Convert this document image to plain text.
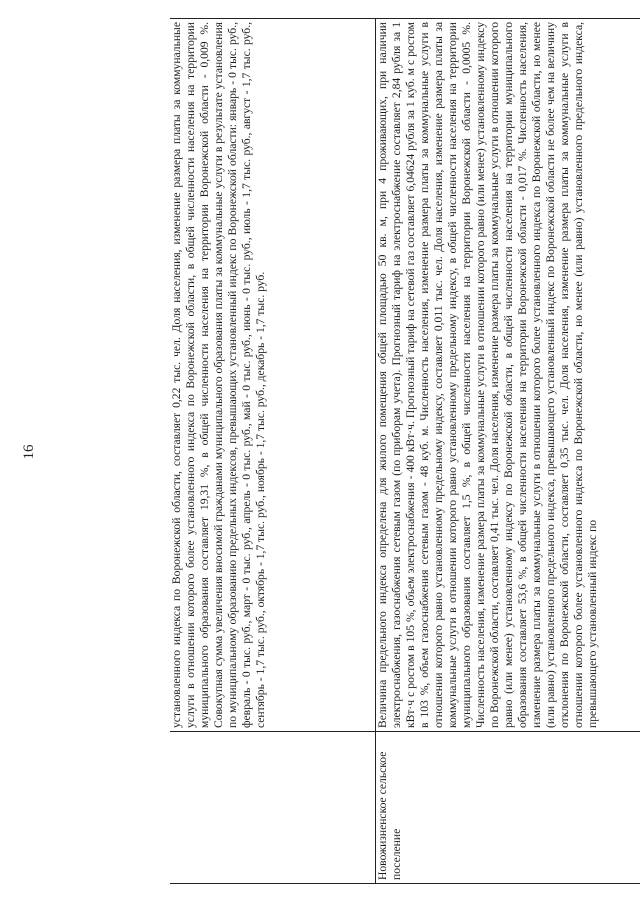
16
		установленного индекса по Воронежской области, составляет 0,22 тыс. чел. Доля населения, изменение размера платы за коммунальные услуги в отношении которого более установленного индекса по Воронежской области, в общей численности населения на территории муниципального образования составляет 19,31 %, в общей численности населения на территории Воронежской области - 0,009 %. Совокупная сумма увеличения вносимой гражданами муниципального образования платы за коммунальные услуги в результате установления по муниципальному образованию предельных индексов, превышающих установленный индекс по Воронежской области: январь - 0 тыс. руб., февраль - 0 тыс. руб., март - 0 тыс. руб., апрель - 0 тыс. руб., май - 0 тыс. руб., июнь - 0 тыс. руб., июль - 1,7 тыс. руб., август - 1,7 тыс. руб., сентябрь - 1,7 тыс. руб., октябрь - 1,7 тыс. руб., ноябрь - 1,7 тыс. руб., декабрь - 1,7 тыс. руб.
Новожизненское сельское поселение	Величина предельного индекса определена для жилого помещения общей площадью 50 кв. м, при 4 проживающих, при наличии электроснабжения, газоснабжения сетевым газом (по приборам учета). Прогнозный тариф на электроснабжение составляет 2,84 рубля за 1 кВт·ч с ростом в 105 %, объем электроснабжения - 400 кВт·ч. Прогнозный тариф на сетевой газ составляет 6,04624 рубля за 1 куб. м с ростом в 103 %, объем газоснабжения сетевым газом - 48 куб. м. Численность населения, изменение размера платы за коммунальные услуги в отношении которого равно установленному предельному индексу, составляет 0,011 тыс. чел. Доля населения, изменение размера платы за коммунальные услуги в отношении которого равно установленному предельному индексу, в общей численности населения на территории муниципального образования составляет 1,5 %, в общей численности населения на территории Воронежской области - 0,0005 %. Численность населения, изменение размера платы за коммунальные услуги в отношении которого равно (или менее) установленному индексу по Воронежской области, составляет 0,41 тыс. чел. Доля населения, изменение размера платы за коммунальные услуги в отношении которого равно (или менее) установленному индексу по Воронежской области, в общей численности населения на территории муниципального образования составляет 53,6 %, в общей численности населения на территории Воронежской области - 0,017 %. Численность населения, изменение размера платы за коммунальные услуги в отношении которого более установленного индекса по Воронежской области, но менее (или равно) установленного предельного индекса, превышающего установленный индекс по Воронежской области не более чем на величину отклонения по Воронежской области, составляет 0,35 тыс. чел. Доля населения, изменение размера платы за коммунальные услуги в отношении которого более установленного индекса по Воронежской области, но менее (или равно) установленного предельного индекса, превышающего установленный индекс по
